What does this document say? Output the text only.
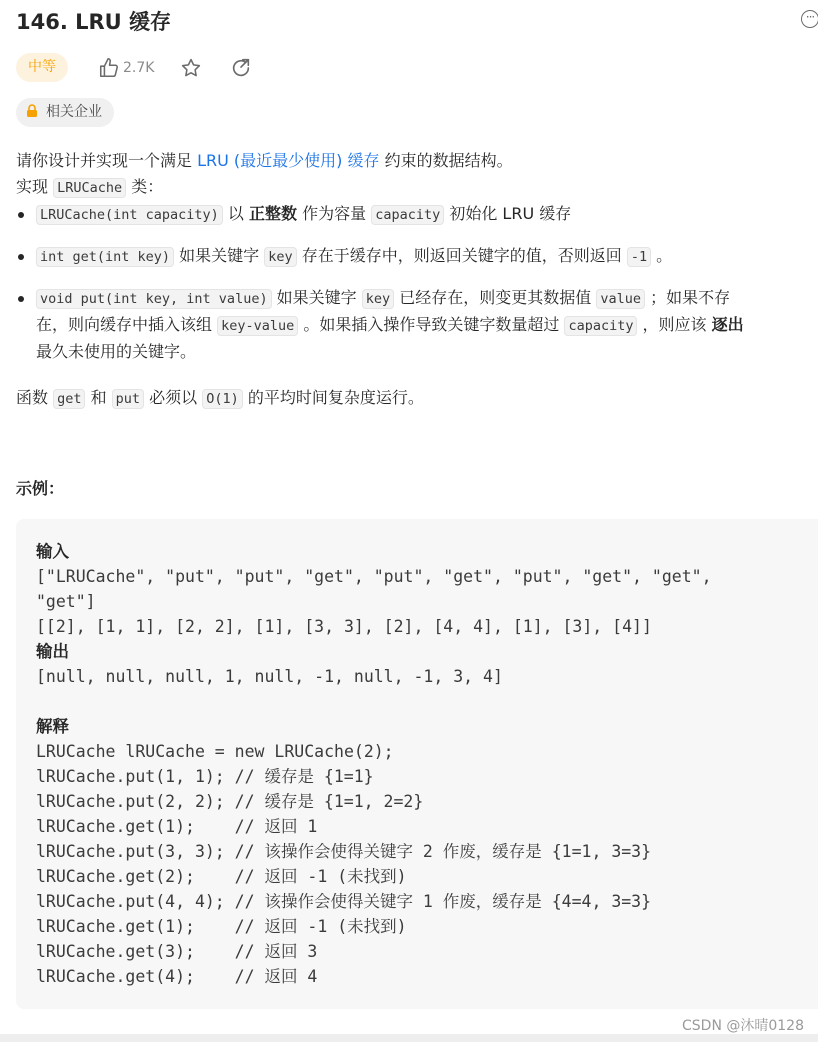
146. LRU 缓存	···
中等	2.7K
相关企业
请你设计并实现一个满足 LRU (最近最少使用) 缓存 约束的数据结构。
实现 LRUCache 类：
LRUCache(int capacity) 以 正整数 作为容量 capacity 初始化 LRU 缓存
int get(int key) 如果关键字 key 存在于缓存中，则返回关键字的值，否则返回 -1 。
void put(int key, int value) 如果关键字 key 已经存在，则变更其数据值 value ；如果不存
在，则向缓存中插入该组 key-value 。如果插入操作导致关键字数量超过 capacity ，则应该 逐出
最久未使用的关键字。
函数 get 和 put 必须以 O(1) 的平均时间复杂度运行。
示例：
输入
["LRUCache", "put", "put", "get", "put", "get", "put", "get", "get",
"get"]
[[2], [1, 1], [2, 2], [1], [3, 3], [2], [4, 4], [1], [3], [4]]
输出
[null, null, null, 1, null, -1, null, -1, 3, 4]

解释
LRUCache lRUCache = new LRUCache(2);
lRUCache.put(1, 1); // 缓存是 {1=1}
lRUCache.put(2, 2); // 缓存是 {1=1, 2=2}
lRUCache.get(1);    // 返回 1
lRUCache.put(3, 3); // 该操作会使得关键字 2 作废，缓存是 {1=1, 3=3}
lRUCache.get(2);    // 返回 -1 (未找到)
lRUCache.put(4, 4); // 该操作会使得关键字 1 作废，缓存是 {4=4, 3=3}
lRUCache.get(1);    // 返回 -1 (未找到)
lRUCache.get(3);    // 返回 3
lRUCache.get(4);    // 返回 4
CSDN @沐晴0128
